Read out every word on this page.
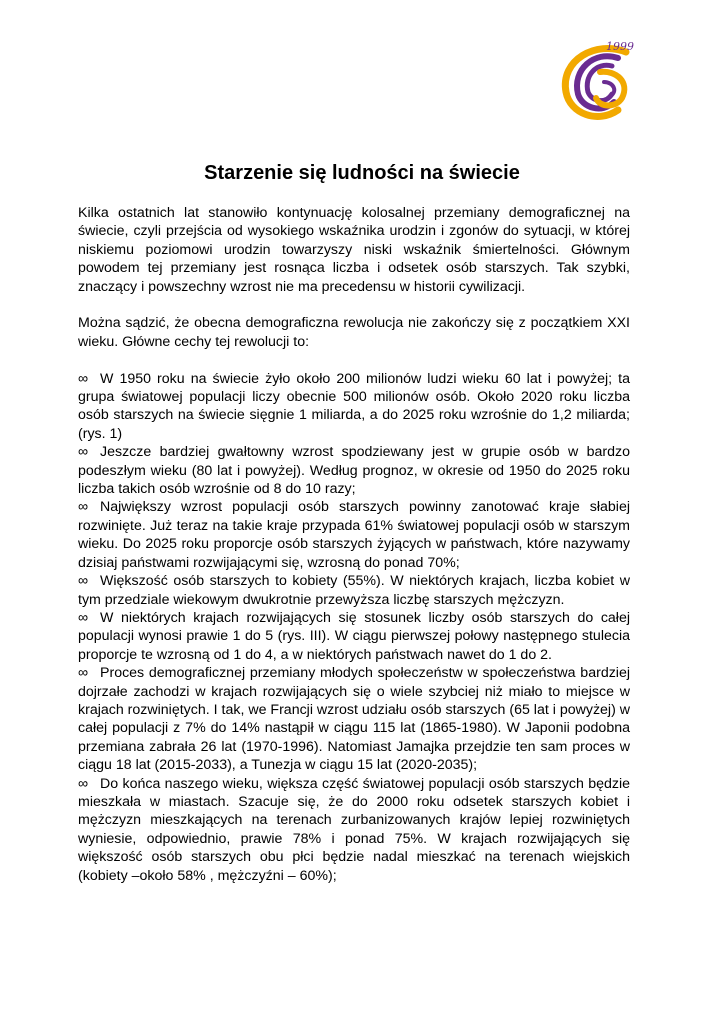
1999
Starzenie się ludności na świecie

Kilka ostatnich lat stanowiło kontynuację kolosalnej przemiany demograficznej na świecie, czyli przejścia od wysokiego wskaźnika urodzin i zgonów do sytuacji, w której niskiemu poziomowi urodzin towarzyszy niski wskaźnik śmiertelności. Głównym powodem tej przemiany jest rosnąca liczba i odsetek osób starszych. Tak szybki, znaczący i powszechny wzrost nie ma precedensu w historii cywilizacji.

Można sądzić, że obecna demograficzna rewolucja nie zakończy się z początkiem XXI wieku. Główne cechy tej rewolucji to:

∞ W 1950 roku na świecie żyło około 200 milionów ludzi wieku 60 lat i powyżej; ta grupa światowej populacji liczy obecnie 500 milionów osób. Około 2020 roku liczba osób starszych na świecie sięgnie 1 miliarda, a do 2025 roku wzrośnie do 1,2 miliarda; (rys. 1)
∞ Jeszcze bardziej gwałtowny wzrost spodziewany jest w grupie osób w bardzo podeszłym wieku (80 lat i powyżej). Według prognoz, w okresie od 1950 do 2025 roku liczba takich osób wzrośnie od 8 do 10 razy;
∞ Największy wzrost populacji osób starszych powinny zanotować kraje słabiej rozwinięte. Już teraz na takie kraje przypada 61% światowej populacji osób w starszym wieku. Do 2025 roku proporcje osób starszych żyjących w państwach, które nazywamy dzisiaj państwami rozwijającymi się, wzrosną do ponad 70%;
∞ Większość osób starszych to kobiety (55%). W niektórych krajach, liczba kobiet w tym przedziale wiekowym dwukrotnie przewyższa liczbę starszych mężczyzn.
∞ W niektórych krajach rozwijających się stosunek liczby osób starszych do całej populacji wynosi prawie 1 do 5 (rys. III). W ciągu pierwszej połowy następnego stulecia proporcje te wzrosną od 1 do 4, a w niektórych państwach nawet do 1 do 2.
∞ Proces demograficznej przemiany młodych społeczeństw w społeczeństwa bardziej dojrzałe zachodzi w krajach rozwijających się o wiele szybciej niż miało to miejsce w krajach rozwiniętych. I tak, we Francji wzrost udziału osób starszych (65 lat i powyżej) w całej populacji z 7% do 14% nastąpił w ciągu 115 lat (1865-1980). W Japonii podobna przemiana zabrała 26 lat (1970-1996). Natomiast Jamajka przejdzie ten sam proces w ciągu 18 lat (2015-2033), a Tunezja w ciągu 15 lat (2020-2035);
∞ Do końca naszego wieku, większa część światowej populacji osób starszych będzie mieszkała w miastach. Szacuje się, że do 2000 roku odsetek starszych kobiet i mężczyzn mieszkających na terenach zurbanizowanych krajów lepiej rozwiniętych wyniesie, odpowiednio, prawie 78% i ponad 75%. W krajach rozwijających się większość osób starszych obu płci będzie nadal mieszkać na terenach wiejskich (kobiety –około 58% , mężczyźni – 60%);
